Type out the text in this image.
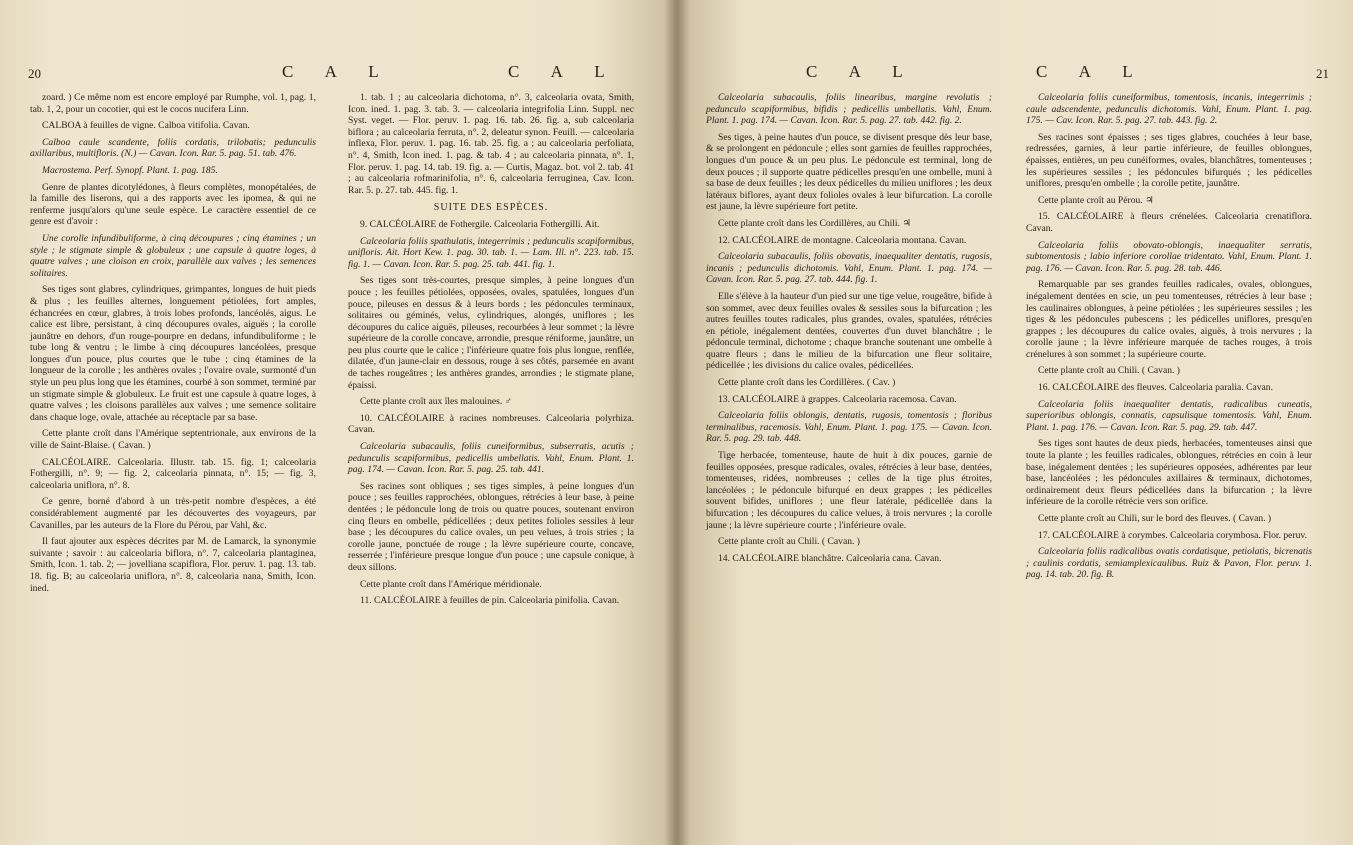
20	C A L	C A L

zoard. ) Ce même nom est encore employé par Rumphe, vol. 1, pag. 1, tab. 1, 2, pour un cocotier, qui est le cocos nucifera Linn.

CALBOA à feuilles de vigne. Calboa vitifolia. Cavan.

Calboa caule scandente, foliis cordatis, trilobatis; pedunculis axillaribus, multifloris. (N.) — Cavan. Icon. Rar. 5. pag. 51. tab. 476.

Macrostema. Perf. Synopf. Plant. 1. pag. 185.

Genre de plantes dicotylédones, à fleurs complètes, monopétalées, de la famille des liserons, qui a des rapports avec les ipomea, & qui ne renferme jusqu'alors qu'une seule espèce. Le caractère essentiel de ce genre est d'avoir :

Une corolle infundibuliforme, à cinq découpures ; cinq étamines ; un style ; le stigmate simple & globuleux ; une capsule à quatre loges, à quatre valves ; une cloison en croix, parallèle aux valves ; les semences solitaires.

Ses tiges sont glabres, cylindriques, grimpantes, longues de huit pieds & plus ; les feuilles alternes, longuement pétiolées, fort amples, échancrées en cœur, glabres, à trois lobes profonds, lancéolés, aigus. Le calice est libre, persistant, à cinq découpures ovales, aiguës ; la corolle jaunâtre en dehors, d'un rouge-pourpre en dedans, infundibuliforme ; le tube long & ventru ; le limbe à cinq découpures lancéolées, presque longues d'un pouce, plus courtes que le tube ; cinq étamines de la longueur de la corolle ; les anthères ovales ; l'ovaire ovale, surmonté d'un style un peu plus long que les étamines, courbé à son sommet, terminé par un stigmate simple & globuleux. Le fruit est une capsule à quatre loges, à quatre valves ; les cloisons parallèles aux valves ; une semence solitaire dans chaque loge, ovale, attachée au réceptacle par sa base.

Cette plante croît dans l'Amérique septentrionale, aux environs de la ville de Saint-Blaise. ( Cavan. )

CALCÉOLAIRE. Calceolaria. Illustr. tab. 15. fig. 1; calceolaria Fothergilli, n°. 9; — fig. 2, calceolaria pinnata, n°. 15; — fig. 3, calceolaria uniflora, n°. 8.

Ce genre, borné d'abord à un très-petit nombre d'espèces, a été considérablement augmenté par les découvertes des voyageurs, par Cavanilles, par les auteurs de la Flore du Pérou, par Vahl, &c.

Il faut ajouter aux espèces décrites par M. de Lamarck, la synonymie suivante ; savoir : au calceolaria biflora, n°. 7, calceolaria plantaginea, Smith, Icon. 1. tab. 2; — jovelliana scapiflora, Flor. peruv. 1. pag. 13. tab. 18. fig. B; au calceolaria uniflora, n°. 8, calceolaria nana, Smith, Icon. ined.

1. tab. 1 ; au calceolaria dichotoma, n°. 3, calceolaria ovata, Smith, Icon. ined. 1. pag. 3. tab. 3. — calceolaria integrifolia Linn. Suppl. nec Syst. veget. — Flor. peruv. 1. pag. 16. tab. 26. fig. a, sub calceolaria biflora ; au calceolaria ferruta, n°. 2, deleatur synon. Feuill. — calceolaria inflexa, Flor. peruv. 1. pag. 16. tab. 25. fig. a ; au calceolaria perfoliata, n°. 4, Smith, Icon ined. 1. pag. & tab. 4 ; au calceolaria pinnata, n°. 1, Flor. peruv. 1. pag. 14. tab. 19. fig. a. — Curtis, Magaz. bot. vol 2. tab. 41 ; au calceolaria rofmarinifolia, n°. 6, calceolaria ferruginea, Cav. Icon. Rar. 5. p. 27. tab. 445. fig. 1.

SUITE DES ESPÈCES.

9. CALCÉOLAIRE de Fothergile. Calceolaria Fothergilli. Ait.

Calceolaria foliis spathulatis, integerrimis ; pedunculis scapiformibus, unifloris. Ait. Hort Kew. 1. pag. 30. tab. 1. — Lam. Ill. n°. 223. tab. 15. fig. 1. — Cavan. Icon. Rar. 5. pag. 25. tab. 441. fig. 1.

Ses tiges sont très-courtes, presque simples, à peine longues d'un pouce ; les feuilles pétiolées, opposées, ovales, spatulées, longues d'un pouce, pileuses en dessus & à leurs bords ; les pédoncules terminaux, solitaires ou géminés, velus, cylindriques, alongés, uniflores ; les découpures du calice aiguës, pileuses, recourbées à leur sommet ; la lèvre supérieure de la corolle concave, arrondie, presque réniforme, jaunâtre, un peu plus courte que le calice ; l'inférieure quatre fois plus longue, renflée, dilatée, d'un jaune-clair en dessous, rouge à ses côtés, parsemée en avant de taches rougeâtres ; les anthères grandes, arrondies ; le stigmate plane, épaissi.

Cette plante croît aux îles malouines. ♂

10. CALCÉOLAIRE à racines nombreuses. Calceolaria polyrhiza. Cavan.

Calceolaria subacaulis, foliis cuneiformibus, subserratis, acutis ; pedunculis scapiformibus, pedicellis umbellatis. Vahl, Enum. Plant. 1. pag. 174. — Cavan. Icon. Rar. 5. pag. 25. tab. 441.

Ses racines sont obliques ; ses tiges simples, à peine longues d'un pouce ; ses feuilles rapprochées, oblongues, rétrécies à leur base, à peine dentées ; le pédoncule long de trois ou quatre pouces, soutenant environ cinq fleurs en ombelle, pédicellées ; deux petites folioles sessiles à leur base ; les découpures du calice ovales, un peu velues, à trois stries ; la corolle jaune, ponctuée de rouge ; la lèvre supérieure courte, concave, resserrée ; l'inférieure presque longue d'un pouce ; une capsule conique, à deux sillons.

Cette plante croît dans l'Amérique méridionale.

11. CALCÉOLAIRE à feuilles de pin. Calceolaria pinifolia. Cavan.

C A L	C A L	21

Calceolaria subacaulis, foliis linearibus, margine revolutis ; pedunculo scapiformibus, bifidis ; pedicellis umbellatis. Vahl, Enum. Plant. 1. pag. 174. — Cavan. Icon. Rar. 5. pag. 27. tab. 442. fig. 2.

Ses tiges, à peine hautes d'un pouce, se divisent presque dès leur base, & se prolongent en pédoncule ; elles sont garnies de feuilles rapprochées, longues d'un pouce & un peu plus. Le pédoncule est terminal, long de deux pouces ; il supporte quatre pédicelles presqu'en une ombelle, muni à sa base de deux feuilles ; les deux pédicelles du milieu uniflores ; les deux latéraux biflores, ayant deux folioles ovales à leur bifurcation. La corolle est jaune, la lèvre supérieure fort petite.

Cette plante croît dans les Cordillères, au Chili. ♃

12. CALCÉOLAIRE de montagne. Calceolaria montana. Cavan.

Calceolaria subacaulis, foliis obovatis, inaequaliter dentatis, rugosis, incanis ; pedunculis dichotomis. Vahl, Enum. Plant. 1. pag. 174. — Cavan. Icon. Rar. 5. pag. 27. tab. 444. fig. 1.

Elle s'élève à la hauteur d'un pied sur une tige velue, rougeâtre, bifide à son sommet, avec deux feuilles ovales & sessiles sous la bifurcation ; les autres feuilles toutes radicales, plus grandes, ovales, spatulées, rétrécies en pétiole, inégalement dentées, couvertes d'un duvet blanchâtre ; le pédoncule terminal, dichotome ; chaque branche soutenant une ombelle à quatre fleurs ; dans le milieu de la bifurcation une fleur solitaire, pédicellée ; les divisions du calice ovales, pédicellées.

Cette plante croît dans les Cordillères. ( Cav. )

13. CALCÉOLAIRE à grappes. Calceolaria racemosa. Cavan.

Calceolaria foliis oblongis, dentatis, rugosis, tomentosis ; floribus terminalibus, racemosis. Vahl, Enum. Plant. 1. pag. 175. — Cavan. Icon. Rar. 5. pag. 29. tab. 448.

Tige herbacée, tomenteuse, haute de huit à dix pouces, garnie de feuilles opposées, presque radicales, ovales, rétrécies à leur base, dentées, tomenteuses, ridées, nombreuses ; celles de la tige plus étroites, lancéolées ; le pédoncule bifurqué en deux grappes ; les pédicelles souvent bifides, uniflores ; une fleur latérale, pédicellée dans la bifurcation ; les découpures du calice velues, à trois nervures ; la corolle jaune ; la lèvre supérieure courte ; l'inférieure ovale.

Cette plante croît au Chili. ( Cavan. )

14. CALCÉOLAIRE blanchâtre. Calceolaria cana. Cavan.

Calceolaria foliis cuneiformibus, tomentosis, incanis, integerrimis ; caule adscendente, pedunculis dichotomis. Vahl, Enum. Plant. 1. pag. 175. — Cav. Icon. Rar. 5. pag. 27. tab. 443. fig. 2.

Ses racines sont épaisses ; ses tiges glabres, couchées à leur base, redressées, garnies, à leur partie inférieure, de feuilles oblongues, épaisses, entières, un peu cunéiformes, ovales, blanchâtres, tomenteuses ; les supérieures sessiles ; les pédoncules bifurqués ; les pédicelles uniflores, presqu'en ombelle ; la corolle petite, jaunâtre.

Cette plante croît au Pérou. ♃

15. CALCÉOLAIRE à fleurs crénelées. Calceolaria crenatiflora. Cavan.

Calceolaria foliis obovato-oblongis, inaequaliter serratis, subtomentosis ; labio inferiore corollae tridentato. Vahl, Enum. Plant. 1. pag. 176. — Cavan. Icon. Rar. 5. pag. 28. tab. 446.

Remarquable par ses grandes feuilles radicales, ovales, oblongues, inégalement dentées en scie, un peu tomenteuses, rétrécies à leur base ; les caulinaires oblongues, à peine pétiolées ; les supérieures sessiles ; les tiges & les pédoncules pubescens ; les pédicelles uniflores, presqu'en grappes ; les découpures du calice ovales, aiguës, à trois nervures ; la corolle jaune ; la lèvre inférieure marquée de taches rouges, à trois crénelures à son sommet ; la supérieure courte.

Cette plante croît au Chili. ( Cavan. )

16. CALCÉOLAIRE des fleuves. Calceolaria paralia. Cavan.

Calceolaria foliis inaequaliter dentatis, radicalibus cuneatis, superioribus oblongis, connatis, capsulisque tomentosis. Vahl, Enum. Plant. 1. pag. 176. — Cavan. Icon. Rar. 5. pag. 29. tab. 447.

Ses tiges sont hautes de deux pieds, herbacées, tomenteuses ainsi que toute la plante ; les feuilles radicales, oblongues, rétrécies en coin à leur base, inégalement dentées ; les supérieures opposées, adhérentes par leur base, lancéolées ; les pédoncules axillaires & terminaux, dichotomes, ordinairement deux fleurs pédicellées dans la bifurcation ; la lèvre inférieure de la corolle rétrécie vers son orifice.

Cette plante croît au Chili, sur le bord des fleuves. ( Cavan. )

17. CALCÉOLAIRE à corymbes. Calceolaria corymbosa. Flor. peruv.

Calceolaria foliis radicalibus ovatis cordatisque, petiolatis, bicrenatis ; caulinis cordatis, semiamplexicaulibus. Ruiz & Pavon, Flor. peruv. 1. pag. 14. tab. 20. fig. B.
